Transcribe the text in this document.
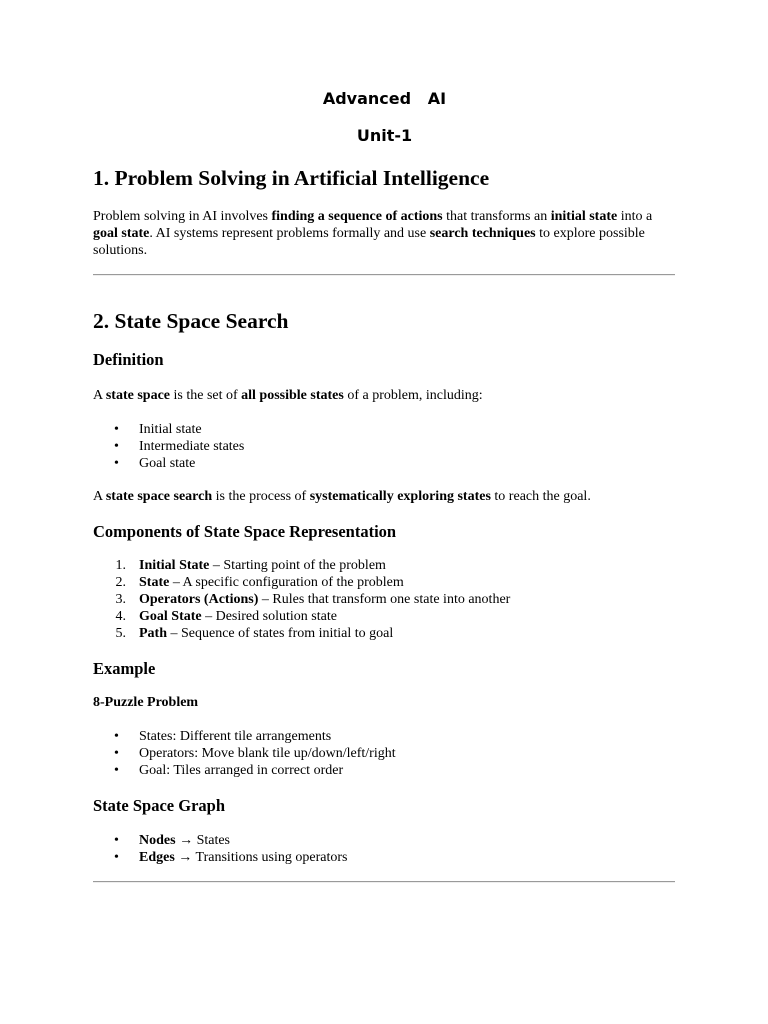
Advanced   AI
Unit-1
1. Problem Solving in Artificial Intelligence

Problem solving in AI involves finding a sequence of actions that transforms an initial state into a goal state. AI systems represent problems formally and use search techniques to explore possible solutions.

2. State Space Search
Definition

A state space is the set of all possible states of a problem, including:

• Initial state
• Intermediate states
• Goal state

A state space search is the process of systematically exploring states to reach the goal.

Components of State Space Representation
1. Initial State – Starting point of the problem
2. State – A specific configuration of the problem
3. Operators (Actions) – Rules that transform one state into another
4. Goal State – Desired solution state
5. Path – Sequence of states from initial to goal
Example
8-Puzzle Problem
• States: Different tile arrangements
• Operators: Move blank tile up/down/left/right
• Goal: Tiles arranged in correct order
State Space Graph
• Nodes → States
• Edges → Transitions using operators
